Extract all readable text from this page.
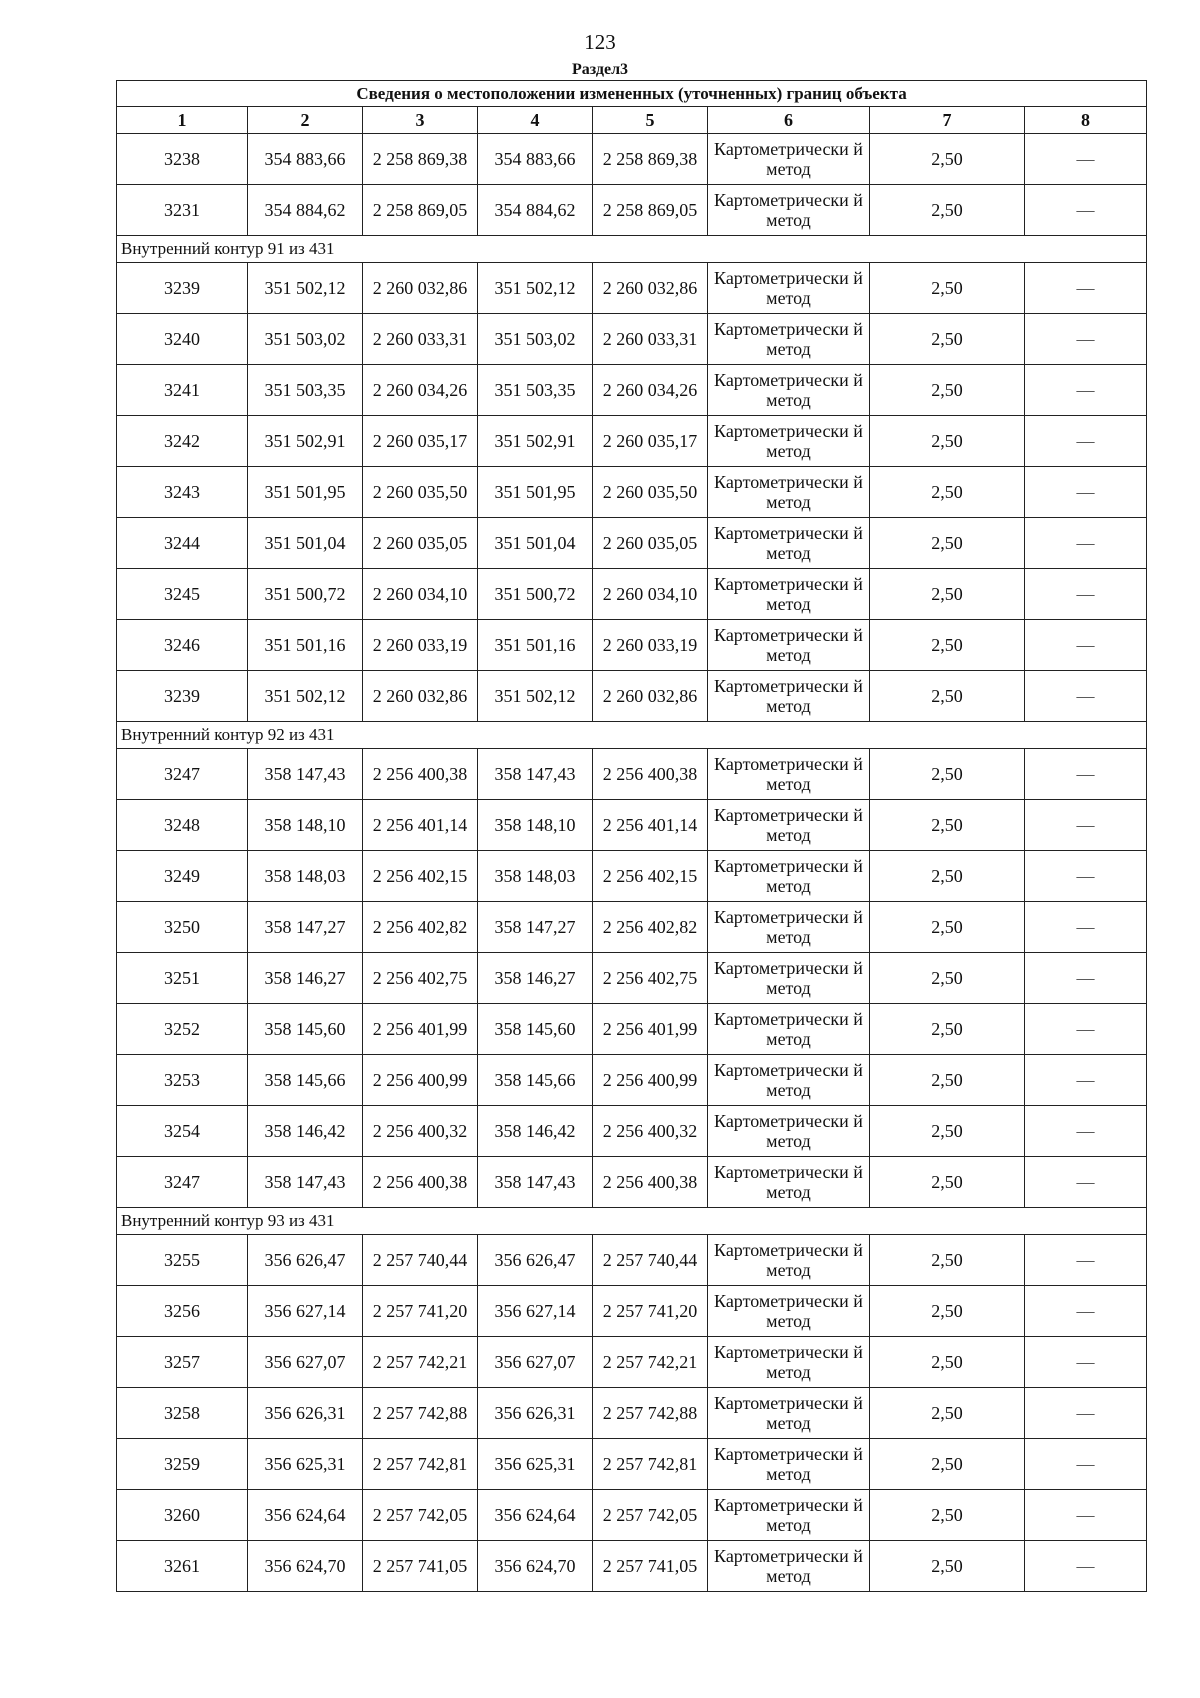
123
Раздел3
Сведения о местоположении измененных (уточненных) границ объекта							
1	2	3	4	5	6	7	8
3238	354 883,66	2 258 869,38	354 883,66	2 258 869,38	Картометрически й метод	2,50	—
3231	354 884,62	2 258 869,05	354 884,62	2 258 869,05	Картометрически й метод	2,50	—
Внутренний контур 91 из 431							
3239	351 502,12	2 260 032,86	351 502,12	2 260 032,86	Картометрически й метод	2,50	—
3240	351 503,02	2 260 033,31	351 503,02	2 260 033,31	Картометрически й метод	2,50	—
3241	351 503,35	2 260 034,26	351 503,35	2 260 034,26	Картометрически й метод	2,50	—
3242	351 502,91	2 260 035,17	351 502,91	2 260 035,17	Картометрически й метод	2,50	—
3243	351 501,95	2 260 035,50	351 501,95	2 260 035,50	Картометрически й метод	2,50	—
3244	351 501,04	2 260 035,05	351 501,04	2 260 035,05	Картометрически й метод	2,50	—
3245	351 500,72	2 260 034,10	351 500,72	2 260 034,10	Картометрически й метод	2,50	—
3246	351 501,16	2 260 033,19	351 501,16	2 260 033,19	Картометрически й метод	2,50	—
3239	351 502,12	2 260 032,86	351 502,12	2 260 032,86	Картометрически й метод	2,50	—
Внутренний контур 92 из 431							
3247	358 147,43	2 256 400,38	358 147,43	2 256 400,38	Картометрически й метод	2,50	—
3248	358 148,10	2 256 401,14	358 148,10	2 256 401,14	Картометрически й метод	2,50	—
3249	358 148,03	2 256 402,15	358 148,03	2 256 402,15	Картометрически й метод	2,50	—
3250	358 147,27	2 256 402,82	358 147,27	2 256 402,82	Картометрически й метод	2,50	—
3251	358 146,27	2 256 402,75	358 146,27	2 256 402,75	Картометрически й метод	2,50	—
3252	358 145,60	2 256 401,99	358 145,60	2 256 401,99	Картометрически й метод	2,50	—
3253	358 145,66	2 256 400,99	358 145,66	2 256 400,99	Картометрически й метод	2,50	—
3254	358 146,42	2 256 400,32	358 146,42	2 256 400,32	Картометрически й метод	2,50	—
3247	358 147,43	2 256 400,38	358 147,43	2 256 400,38	Картометрически й метод	2,50	—
Внутренний контур 93 из 431							
3255	356 626,47	2 257 740,44	356 626,47	2 257 740,44	Картометрически й метод	2,50	—
3256	356 627,14	2 257 741,20	356 627,14	2 257 741,20	Картометрически й метод	2,50	—
3257	356 627,07	2 257 742,21	356 627,07	2 257 742,21	Картометрически й метод	2,50	—
3258	356 626,31	2 257 742,88	356 626,31	2 257 742,88	Картометрически й метод	2,50	—
3259	356 625,31	2 257 742,81	356 625,31	2 257 742,81	Картометрически й метод	2,50	—
3260	356 624,64	2 257 742,05	356 624,64	2 257 742,05	Картометрически й метод	2,50	—
3261	356 624,70	2 257 741,05	356 624,70	2 257 741,05	Картометрически й метод	2,50	—
